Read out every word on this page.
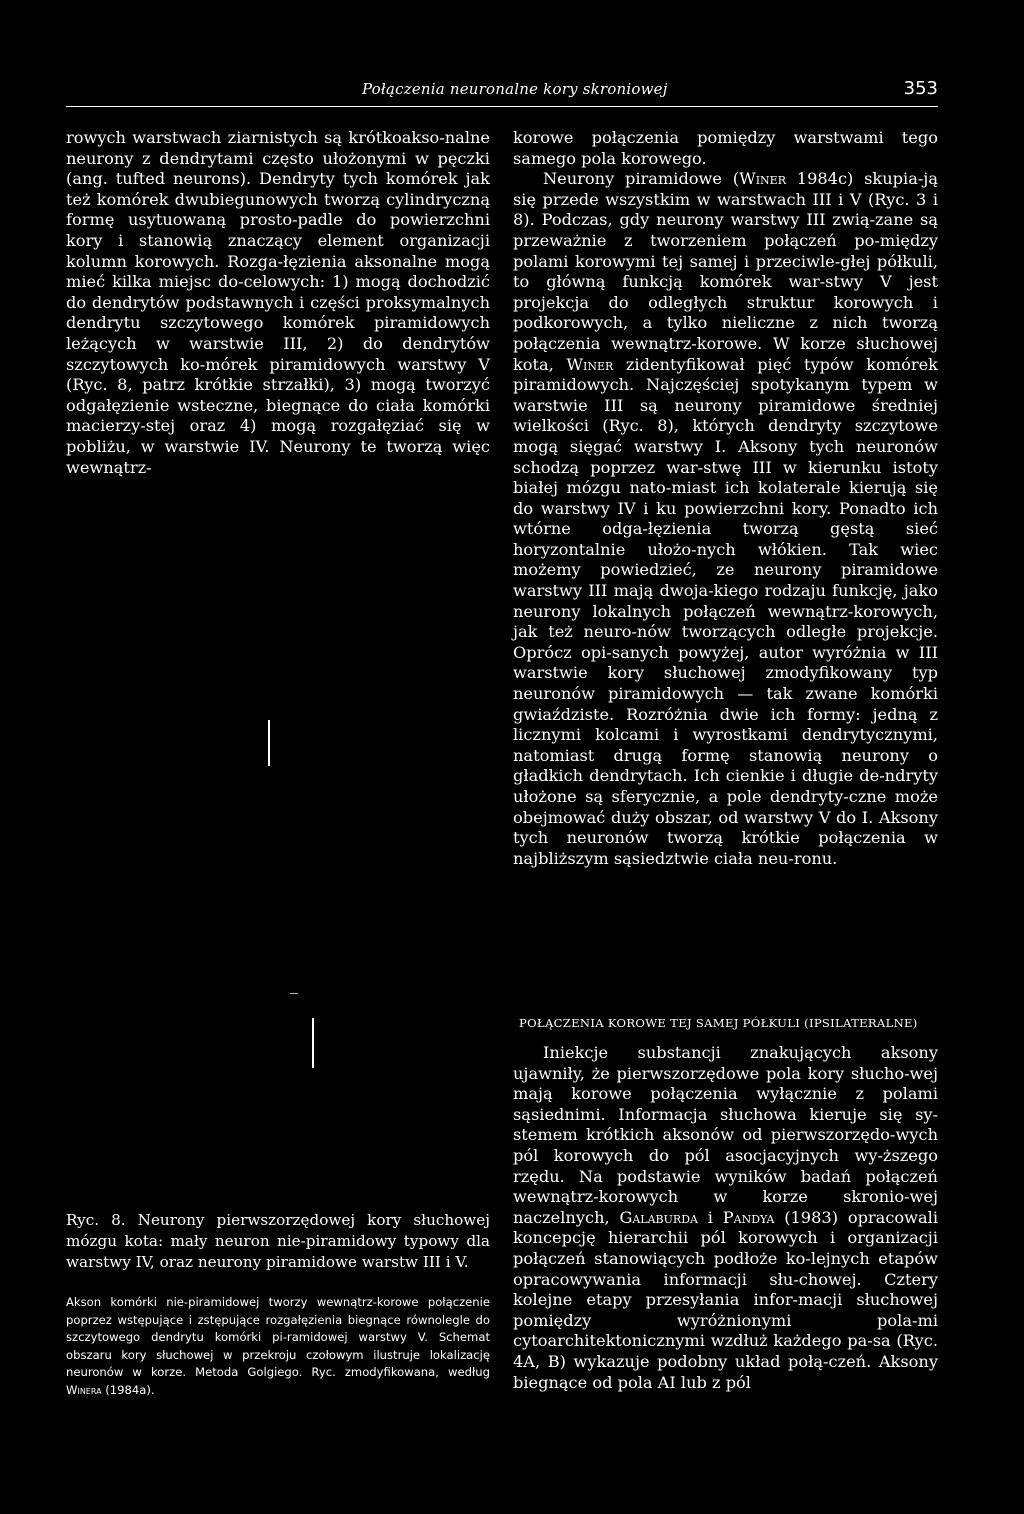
Połączenia neuronalne kory skroniowej	353

rowych warstwach ziarnistych są krótkoakso-nalne neurony z dendrytami często ułożonymi w pęczki (ang. tufted neurons). Dendryty tych komórek jak też komórek dwubiegunowych tworzą cylindryczną formę usytuowaną prosto-padle do powierzchni kory i stanowią znaczący element organizacji kolumn korowych. Rozga-łęzienia aksonalne mogą mieć kilka miejsc do-celowych: 1) mogą dochodzić do dendrytów podstawnych i części proksymalnych dendrytu szczytowego komórek piramidowych leżących w warstwie III, 2) do dendrytów szczytowych ko-mórek piramidowych warstwy V (Ryc. 8, patrz krótkie strzałki), 3) mogą tworzyć odgałęzienie wsteczne, biegnące do ciała komórki macierzy-stej oraz 4) mogą rozgałęziać się w pobliżu, w warstwie IV. Neurony te tworzą więc wewnątrz-

korowe połączenia pomiędzy warstwami tego samego pola korowego.

Neurony piramidowe (Winer 1984c) skupia-ją się przede wszystkim w warstwach III i V (Ryc. 3 i 8). Podczas, gdy neurony warstwy III zwią-zane są przeważnie z tworzeniem połączeń po-między polami korowymi tej samej i przeciwle-głej półkuli, to główną funkcją komórek war-stwy V jest projekcja do odległych struktur korowych i podkorowych, a tylko nieliczne z nich tworzą połączenia wewnątrz-korowe. W korze słuchowej kota, Winer zidentyfikował pięć typów komórek piramidowych. Najczęściej spotykanym typem w warstwie III są neurony piramidowe średniej wielkości (Ryc. 8), których dendryty szczytowe mogą sięgać warstwy I. Aksony tych neuronów schodzą poprzez war-stwę III w kierunku istoty białej mózgu nato-miast ich kolaterale kierują się do warstwy IV i ku powierzchni kory. Ponadto ich wtórne odga-łęzienia tworzą gęstą sieć horyzontalnie ułożo-nych włókien. Tak wiec możemy powiedzieć, ze neurony piramidowe warstwy III mają dwoja-kiego rodzaju funkcję, jako neurony lokalnych połączeń wewnątrz-korowych, jak też neuro-nów tworzących odległe projekcje. Oprócz opi-sanych powyżej, autor wyróżnia w III warstwie kory słuchowej zmodyfikowany typ neuronów piramidowych — tak zwane komórki gwiaździste. Rozróżnia dwie ich formy: jedną z licznymi kolcami i wyrostkami dendrytycznymi, natomiast drugą formę stanowią neurony o gładkich dendrytach. Ich cienkie i długie de-ndryty ułożone są sferycznie, a pole dendryty-czne może obejmować duży obszar, od warstwy V do I. Aksony tych neuronów tworzą krótkie połączenia w najbliższym sąsiedztwie ciała neu-ronu.

POŁĄCZENIA KOROWE TEJ SAMEJ PÓŁKULI (IPSILATERALNE)

Iniekcje substancji znakujących aksony ujawniły, że pierwszorzędowe pola kory słucho-wej mają korowe połączenia wyłącznie z polami sąsiednimi. Informacja słuchowa kieruje się sy-stemem krótkich aksonów od pierwszorzędo-wych pól korowych do pól asocjacyjnych wy-ższego rzędu. Na podstawie wyników badań połączeń wewnątrz-korowych w korze skronio-wej naczelnych, Galaburda i Pandya (1983) opracowali koncepcję hierarchii pól korowych i organizacji połączeń stanowiących podłoże ko-lejnych etapów opracowywania informacji słu-chowej. Cztery kolejne etapy przesyłania infor-macji słuchowej pomiędzy wyróżnionymi pola-mi cytoarchitektonicznymi wzdłuż każdego pa-sa (Ryc. 4A, B) wykazuje podobny układ połą-czeń. Aksony biegnące od pola AI lub z pól

Ryc. 8. Neurony pierwszorzędowej kory słuchowej mózgu kota: mały neuron nie-piramidowy typowy dla warstwy IV, oraz neurony piramidowe warstw III i V.

Akson komórki nie-piramidowej tworzy wewnątrz-korowe połączenie poprzez wstępujące i zstępujące rozgałęzienia biegnące równolegle do szczytowego dendrytu komórki pi-ramidowej warstwy V. Schemat obszaru kory słuchowej w przekroju czołowym ilustruje lokalizację neuronów w korze. Metoda Golgiego. Ryc. zmodyfikowana, według Winera (1984a).
